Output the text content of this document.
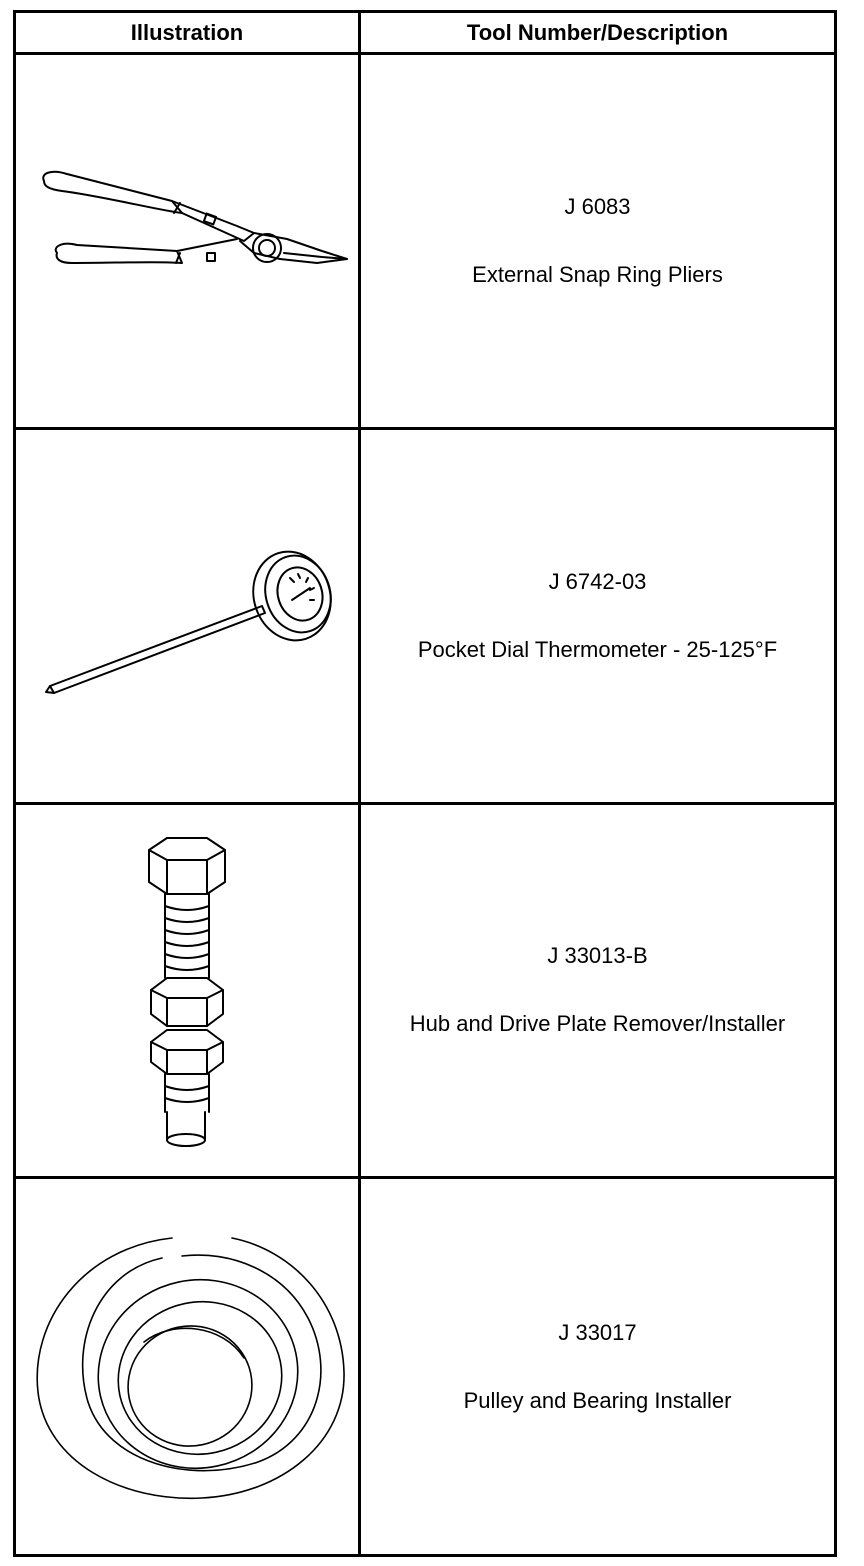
Illustration	Tool Number/Description
J 6083
External Snap Ring Pliers
J 6742-03
Pocket Dial Thermometer - 25-125°F
J 33013-B
Hub and Drive Plate Remover/Installer
J 33017
Pulley and Bearing Installer
